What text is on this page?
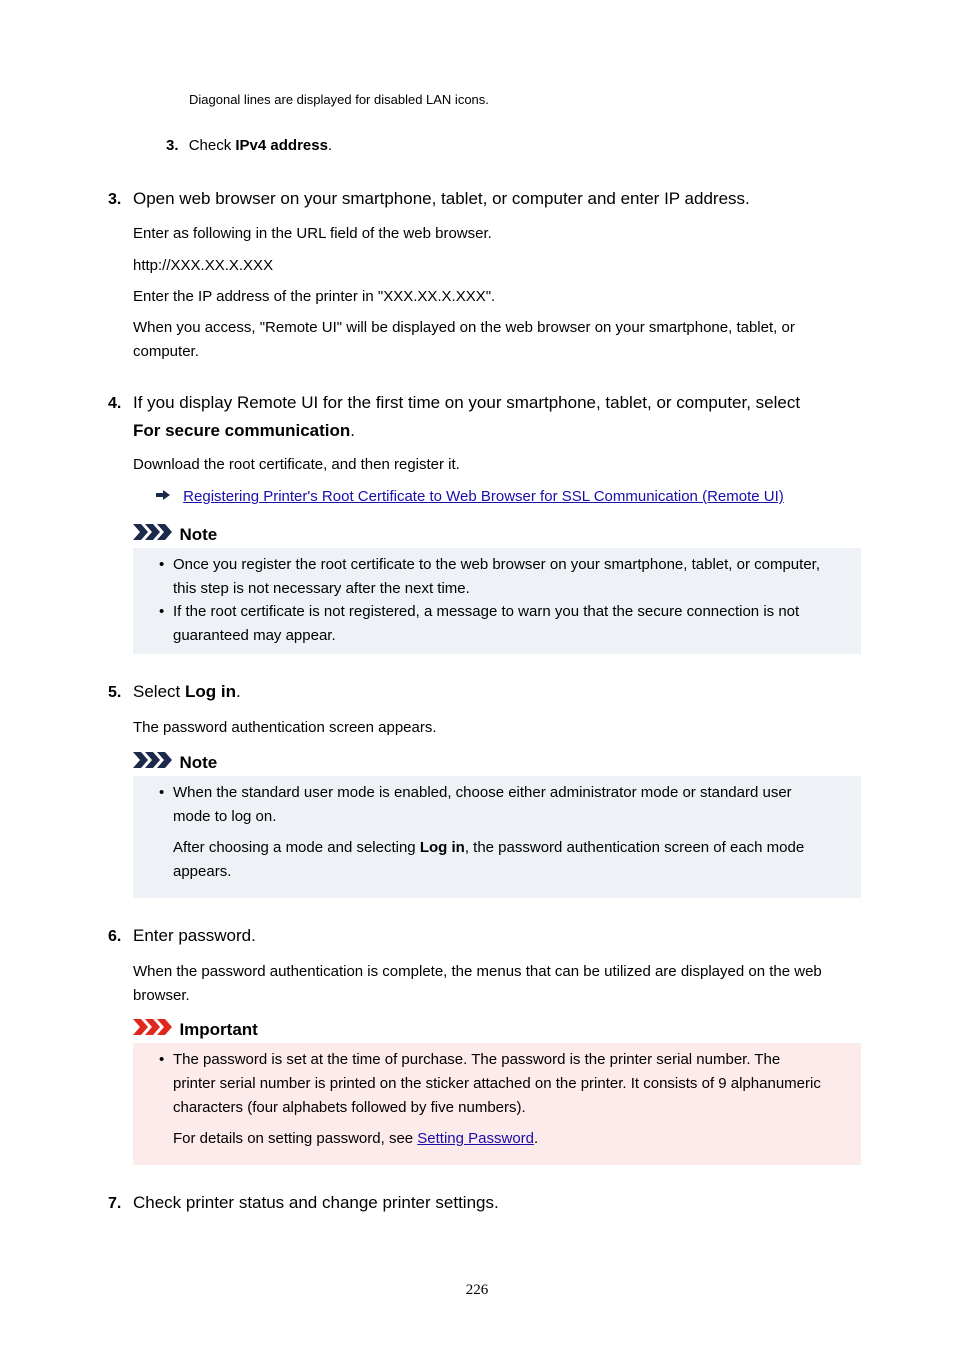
Diagonal lines are displayed for disabled LAN icons.
3. Check IPv4 address.
3. Open web browser on your smartphone, tablet, or computer and enter IP address.
Enter as following in the URL field of the web browser.
http://XXX.XX.X.XXX
Enter the IP address of the printer in "XXX.XX.X.XXX".
When you access, "Remote UI" will be displayed on the web browser on your smartphone, tablet, or
computer.
4. If you display Remote UI for the first time on your smartphone, tablet, or computer, select
For secure communication.
Download the root certificate, and then register it.
Registering Printer's Root Certificate to Web Browser for SSL Communication (Remote UI)
Note
• Once you register the root certificate to the web browser on your smartphone, tablet, or computer,
this step is not necessary after the next time.
• If the root certificate is not registered, a message to warn you that the secure connection is not
guaranteed may appear.
5. Select Log in.
The password authentication screen appears.
Note
• When the standard user mode is enabled, choose either administrator mode or standard user
mode to log on.
After choosing a mode and selecting Log in, the password authentication screen of each mode
appears.
6. Enter password.
When the password authentication is complete, the menus that can be utilized are displayed on the web
browser.
Important
• The password is set at the time of purchase. The password is the printer serial number. The
printer serial number is printed on the sticker attached on the printer. It consists of 9 alphanumeric
characters (four alphabets followed by five numbers).
For details on setting password, see Setting Password.
7. Check printer status and change printer settings.
226
